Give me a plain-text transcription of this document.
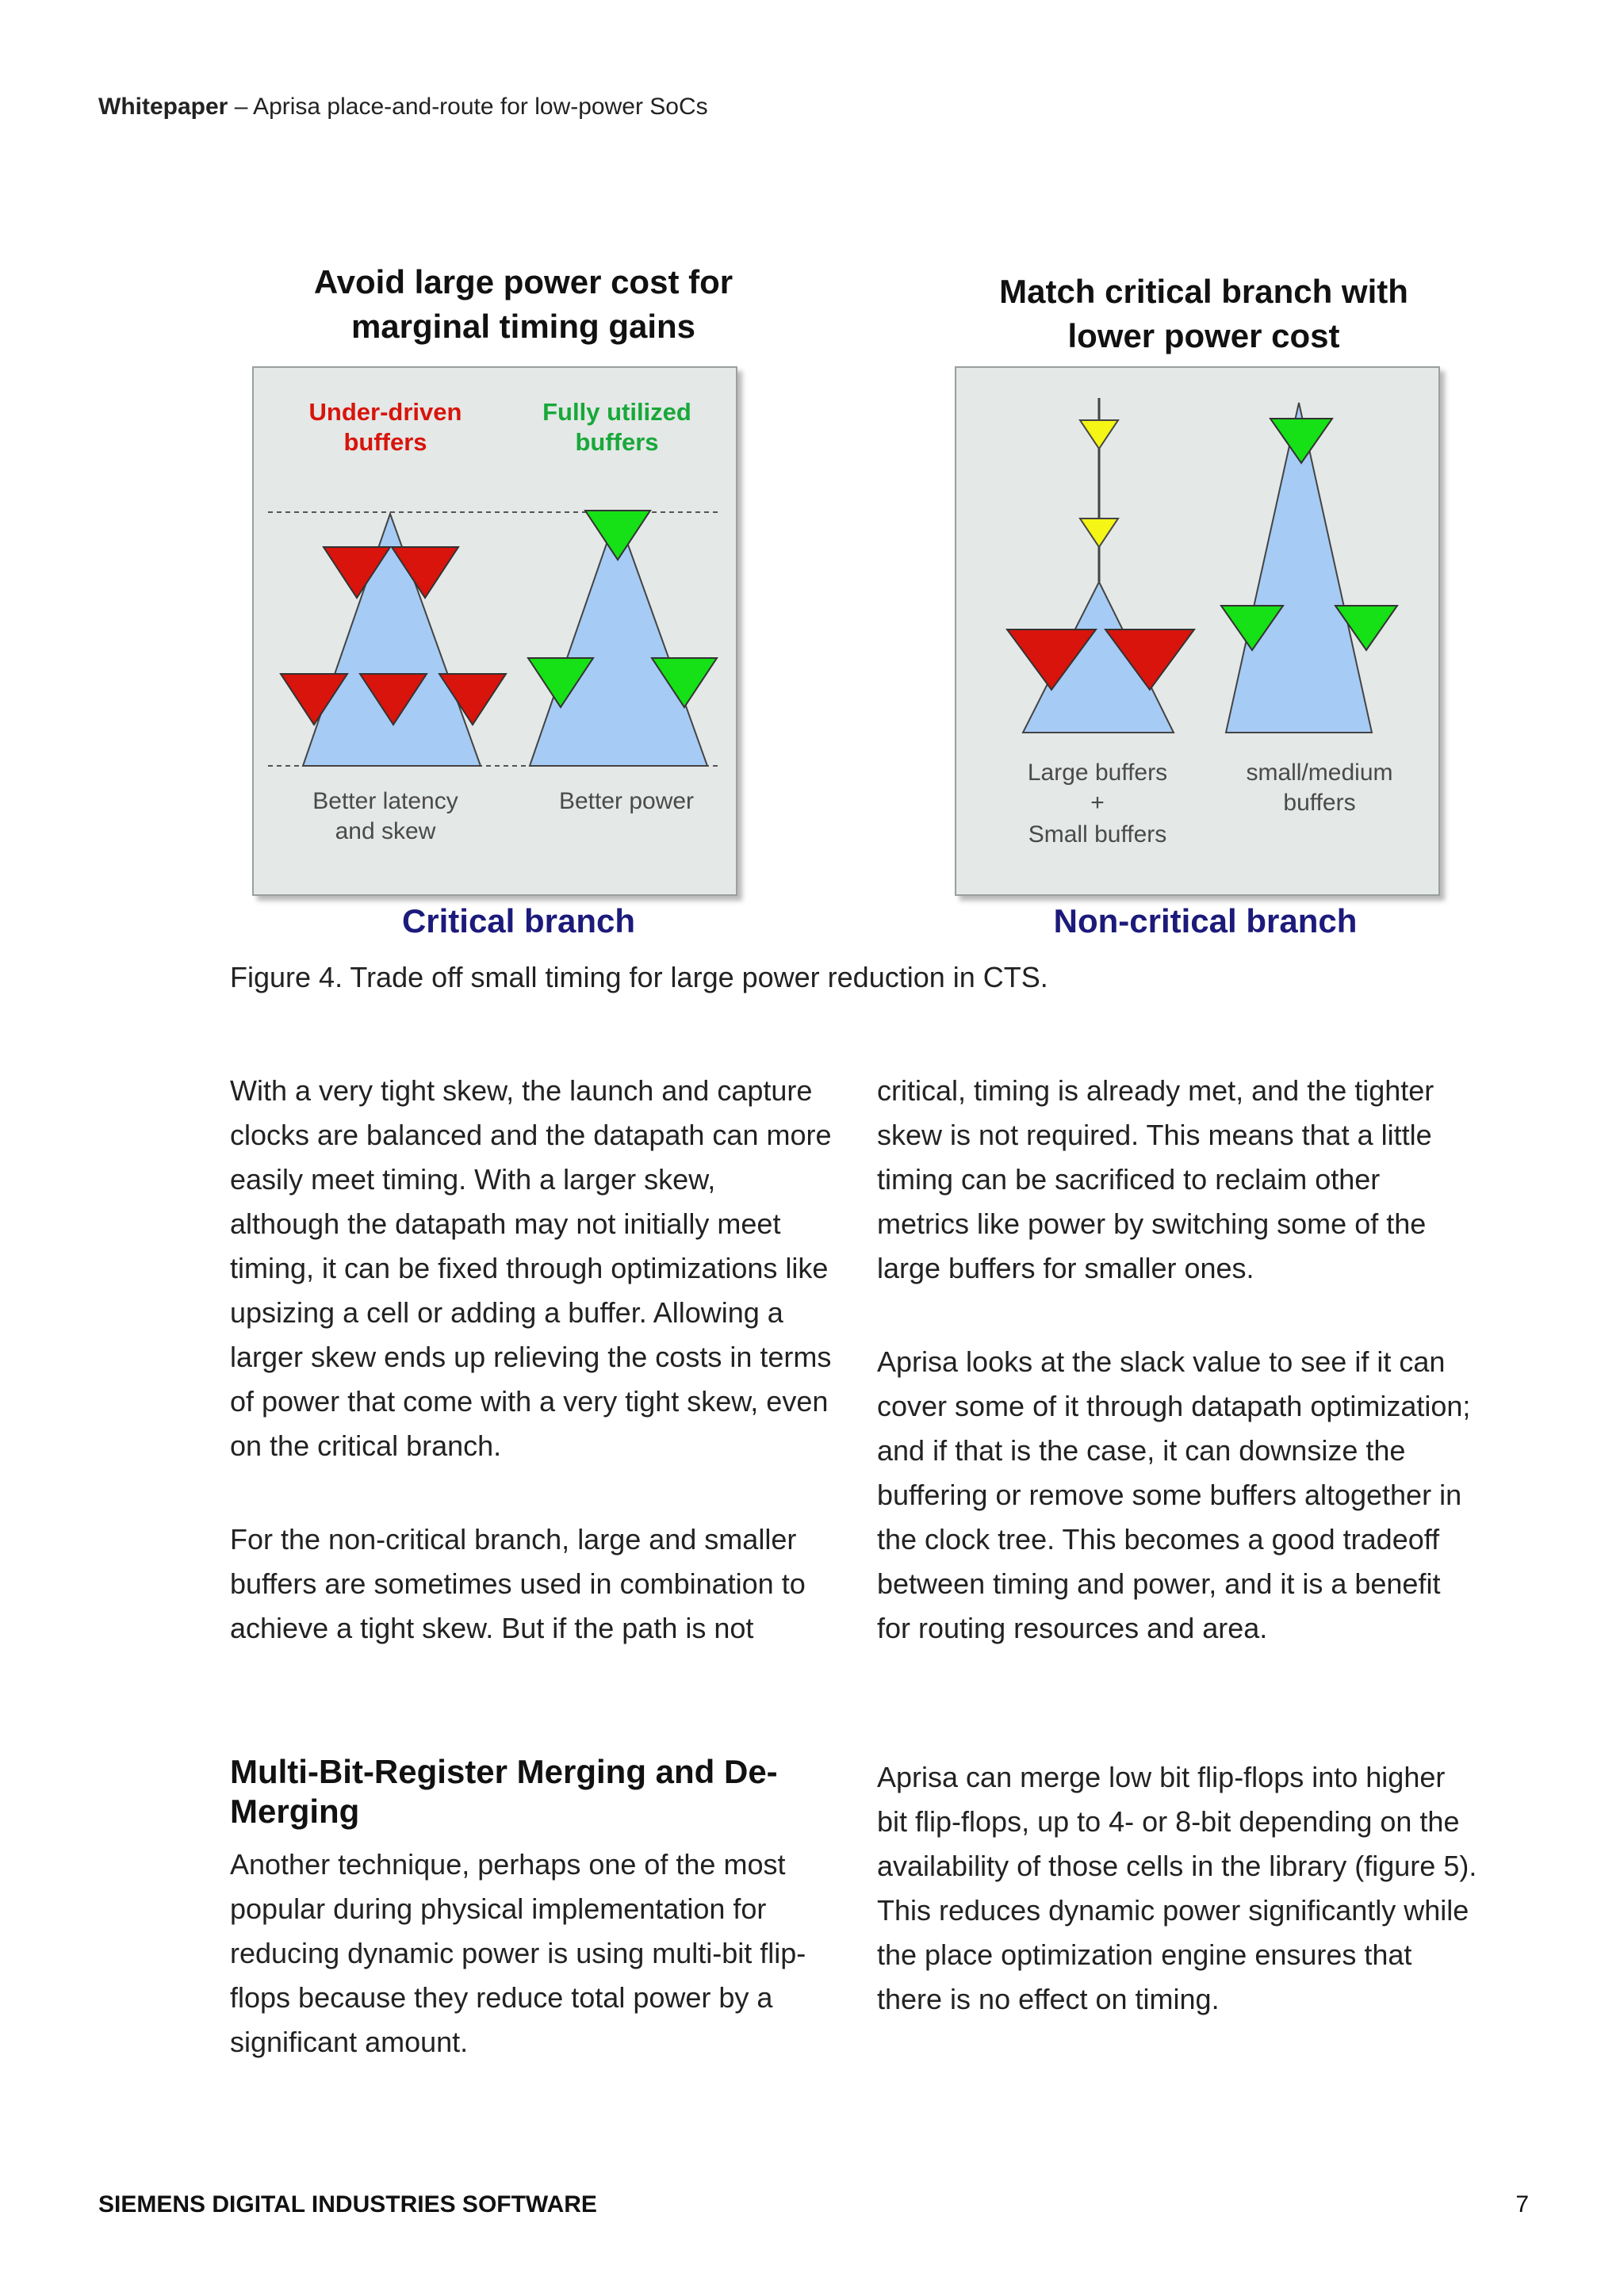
Whitepaper – Aprisa place-and-route for low-power SoCs
Avoid large power cost for
marginal timing gains
Under-driven
buffers
Fully utilized
buffers
Better latency
and skew
Better power
Critical branch
Match critical branch with
lower power cost
Large buffers
+
Small buffers
small/medium
buffers
Non-critical branch
Figure 4. Trade off small timing for large power reduction in CTS.

With a very tight skew, the launch and capture clocks are balanced and the datapath can more easily meet timing. With a larger skew, although the datapath may not initially meet timing, it can be fixed through optimizations like upsizing a cell or adding a buffer. Allowing a larger skew ends up relieving the costs in terms of power that come with a very tight skew, even on the critical branch.

For the non-critical branch, large and smaller buffers are sometimes used in combination to achieve a tight skew. But if the path is not

critical, timing is already met, and the tighter skew is not required. This means that a little timing can be sacrificed to reclaim other metrics like power by switching some of the large buffers for smaller ones.

Aprisa looks at the slack value to see if it can cover some of it through datapath optimization; and if that is the case, it can downsize the buffering or remove some buffers altogether in the clock tree. This becomes a good tradeoff between timing and power, and it is a benefit for routing resources and area.

Multi-Bit-Register Merging and De-Merging

Another technique, perhaps one of the most popular during physical implementation for reducing dynamic power is using multi-bit flip-flops because they reduce total power by a significant amount.

Aprisa can merge low bit flip-flops into higher bit flip-flops, up to 4- or 8-bit depending on the availability of those cells in the library (figure 5). This reduces dynamic power significantly while the place optimization engine ensures that there is no effect on timing.

SIEMENS DIGITAL INDUSTRIES SOFTWARE	7
